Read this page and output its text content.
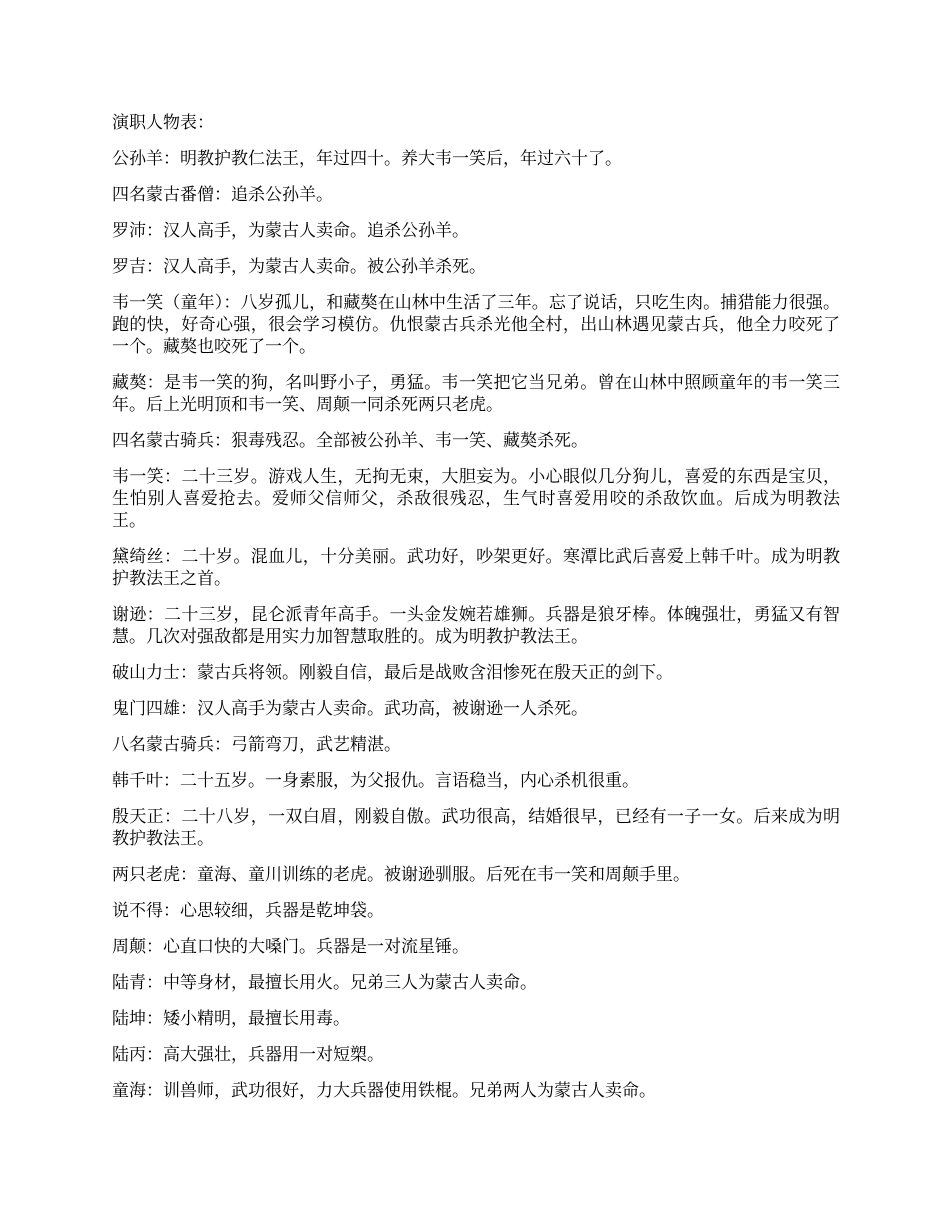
演职人物表：

公孙羊：明教护教仁法王，年过四十。养大韦一笑后，年过六十了。

四名蒙古番僧：追杀公孙羊。

罗沛：汉人高手，为蒙古人卖命。追杀公孙羊。

罗吉：汉人高手，为蒙古人卖命。被公孙羊杀死。

韦一笑（童年）：八岁孤儿，和藏獒在山林中生活了三年。忘了说话，只吃生肉。捕猎能力很强。跑的快，好奇心强，很会学习模仿。仇恨蒙古兵杀光他全村，出山林遇见蒙古兵，他全力咬死了一个。藏獒也咬死了一个。

藏獒：是韦一笑的狗，名叫野小子，勇猛。韦一笑把它当兄弟。曾在山林中照顾童年的韦一笑三年。后上光明顶和韦一笑、周颠一同杀死两只老虎。

四名蒙古骑兵：狠毒残忍。全部被公孙羊、韦一笑、藏獒杀死。

韦一笑：二十三岁。游戏人生，无拘无束，大胆妄为。小心眼似几分狗儿，喜爱的东西是宝贝，生怕别人喜爱抢去。爱师父信师父，杀敌很残忍，生气时喜爱用咬的杀敌饮血。后成为明教法王。

黛绮丝：二十岁。混血儿，十分美丽。武功好，吵架更好。寒潭比武后喜爱上韩千叶。成为明教护教法王之首。

谢逊：二十三岁，昆仑派青年高手。一头金发婉若雄狮。兵器是狼牙棒。体魄强壮，勇猛又有智慧。几次对强敌都是用实力加智慧取胜的。成为明教护教法王。

破山力士：蒙古兵将领。刚毅自信，最后是战败含泪惨死在殷天正的剑下。

鬼门四雄：汉人高手为蒙古人卖命。武功高，被谢逊一人杀死。

八名蒙古骑兵：弓箭弯刀，武艺精湛。

韩千叶：二十五岁。一身素服，为父报仇。言语稳当，内心杀机很重。

殷天正：二十八岁，一双白眉，刚毅自傲。武功很高，结婚很早，已经有一子一女。后来成为明教护教法王。

两只老虎：童海、童川训练的老虎。被谢逊驯服。后死在韦一笑和周颠手里。

说不得：心思较细，兵器是乾坤袋。

周颠：心直口快的大嗓门。兵器是一对流星锤。

陆青：中等身材，最擅长用火。兄弟三人为蒙古人卖命。

陆坤：矮小精明，最擅长用毒。

陆丙：高大强壮，兵器用一对短槊。

童海：训兽师，武功很好，力大兵器使用铁棍。兄弟两人为蒙古人卖命。
